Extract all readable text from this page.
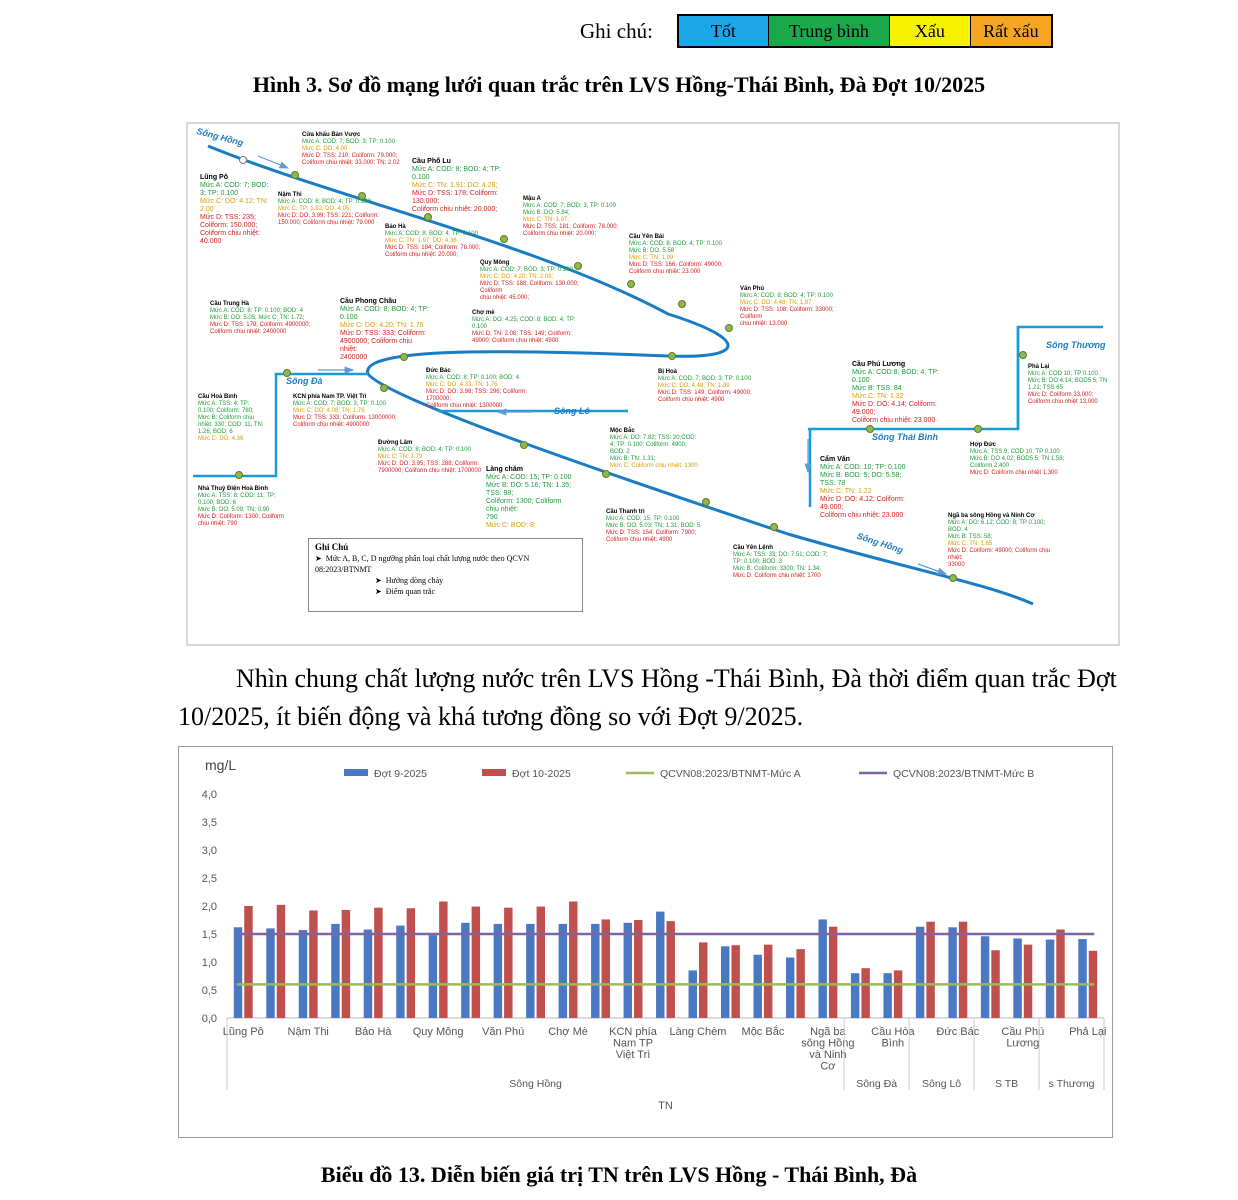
Ghi chú:	Tốt	Trung bình	Xấu	Rất xấu
Hình 3. Sơ đồ mạng lưới quan trắc trên LVS Hồng-Thái Bình, Đà Đợt 10/2025
Sông Hồng
Sông Đà
Sông Lô
Sông Thương
Sông Thái Bình
Sông Hồng
Lũng Pô
Mức A: COD: 7; BOD:
3; TP: 0.100
Mức C: DO: 4.12; TN:
2.00
Mức D: TSS: 235;
Coliform: 150.000;
Coliform chịu nhiệt:
40.000
Cửa khẩu Bản Vược
Mức A: COD: 7; BOD: 3; TP: 0.100
Mức C: DO: 4.00
Mức D: TSS: 210; Coliform: 79.000;
Coliform chịu nhiệt: 33.000; TN: 2.02
Nậm Thi
Mức A: COD: 6; BOD: 4; TP: 0.100
Mức C: TP: 1.92; DO: 4.05;
Mức D: DO: 3.99; TSS: 221; Coliform:
150.000; Coliform chịu nhiệt: 79.000
Cầu Phố Lu
Mức A: COD: 8; BOD: 4; TP: 0.100
Mức C: TN: 1.91; DO: 4.28;
Mức D: TSS: 178; Coliform: 130.000;
Coliform chịu nhiệt: 20.000;
Bảo Hà
Mức A: COD: 8; BOD: 4; TP: 0.100
Mức C: TN: 1.97; DO: 4.36
Mức D: TSS: 184; Coliform: 78.000;
Coliform chịu nhiệt: 20.000;
Mậu A
Mức A: COD: 7; BOD: 3; TP: 0.100
Mức B: DO: 5.84;
Mức C: TN: 1.97;
Mức D: TSS: 181; Coliform: 78.000;
Coliform chịu nhiệt: 20.000;
Quy Mông
Mức A: COD: 7; BOD: 3; TP: 0.100
Mức C: DO: 4.20; TN: 2.08;
Mức D: TSS: 188; Coliform: 130.000; Coliform
chịu nhiệt: 45.000;
Cầu Yên Bái
Mức A: COD: 8; BOD: 4; TP: 0.100
Mức B: DO: 5.58
Mức C: TN: 1.99
Mức D: TSS: 166; Coliform: 49000;
Coliform chịu nhiệt: 23.000
Văn Phú
Mức A: COD: 8; BOD: 4; TP: 0.100
Mức C: DO: 4.48; TN: 1.97
Mức D: TSS: 108; Coliform: 33000; Coliform
chịu nhiệt: 13.000
Cầu Trung Hà
Mức A: COD: 8; TP: 0.100; BOD: 4
Mức B: DO: 5.05; Mức C: TN: 1.72;
Mức D: TSS: 179; Coliform: 4900000;
Coliform chịu nhiệt: 2400000
Cầu Phong Châu
Mức A: COD: 8; BOD: 4; TP:
0.100
Mức C: DO: 4.20; TN: 1.76
Mức D: TSS: 333; Coliform:
4900000; Coliform chịu nhiệt:
2400000
Chợ mè
Mức A: DO: 4.25; COD: 8; BOD: 4; TP:
0.100
Mức D: TN: 2.08; TSS: 149; Coliform:
49000; Coliform chịu nhiệt: 4900
Cầu Hoà Bình
Mức A: TSS: 4; TP:
0.100; Coliform: 780;
Mức B: Coliform chịu
nhiệt: 330; COD: 11; TN:
1.26; BOD: 6
Mức C: DO: 4.36
KCN phía Nam TP. Việt Trì
Mức A: COD: 7; BOD: 3; TP: 0.100
Mức C: DO: 4.08; TN: 1.76
Mức D: TSS: 333; Coliform: 13000000;
Coliform chịu nhiệt: 4900000
Đức Bác
Mức A: COD: 8; TP: 0.100; BOD: 4
Mức C: DO: 4.33; TN: 1.75
Mức D: DO: 3.98; TSS: 296; Coliform: 1700000;
Coliform chịu nhiệt: 1300000
Bị Hoà
Mức A: COD: 7; BOD: 3; TP: 0.100
Mức C: DO: 4.48; TN: 1.99
Mức D: TSS: 149; Coliform: 49000;
Coliform chịu nhiệt: 4900
Đường Lâm
Mức A: COD: 8; BOD: 4; TP: 0.100
Mức C: TN: 1.79
Mức D: DO: 3.95; TSS: 288; Coliform:
7900000; Coliform chịu nhiệt: 1700000
Nhà Thuỷ Điện Hoà Bình
Mức A: TSS: 8; COD: 11; TP:
0.100; BOD: 6
Mức B: DO: 5.09; TN: 0.90
Mức D: Coliform: 1300; Coliform
chịu nhiệt: 790
Làng chăm
Mức A: COD: 15; TP: 0.100
Mức B: DO: 5.16; TN: 1.35; TSS: 98;
Coliform: 1300; Coliform chịu nhiệt:
790
Mức C: BOD: 8;
Mộc Bắc
Mức A: DO: 7.82; TSS: 20;COD:
4; TP: 0.100; Coliform: 4900;
BOD: 2
Mức B: TN: 1.31;
Mức C: Coliform chịu nhiệt: 1300
Cầu Thanh trì
Mức A: COD: 15; TP: 0.100
Mức B: DO: 5.03; TN: 1.31; BOD: 5
Mức D: TSS: 154; Coliform: 7900;
Coliform chịu nhiệt: 4900
Cầu Yên Lệnh
Mức A: TSS: 33; DO: 7.51; COD: 7;
TP: 0.100; BOD: 3
Mức B: Coliform: 3300; TN: 1.34;
Mức D: Coliform chịu nhiệt: 1700
Cầu Phú Lương
Mức A: COD:8; BOD: 4; TP: 0.100
Mức B: TSS: 84
Mức C: TN: 1.32
Mức D: DO: 4.14; Coliform: 49.000;
Coliform chịu nhiệt: 23.000
Phả Lại
Mức A: COD 10; TP 0.100
Mức B: DO 4.14; BOD5 5; TN
1.21; TSS 65
Mức D: Coliform 33,000;
Coliform chịu nhiệt 13,000
Hợp Đức
Mức A: TSS 9; COD 10; TP 0.100
Mức B: DO 4.02; BOD5 5; TN 1.58;
Coliform 2,400
Mức D: Coliform chịu nhiệt 1,300
Cẩm Văn
Mức A: COD: 10; TP: 0.100
Mức B: BOD: 5; DO: 5.58; TSS: 78
Mức C: TN: 1.22
Mức D: DO: 4.12; Coliform: 49.000;
Coliform chịu nhiệt: 23.000	Ngã ba sông Hồng và Ninh Cơ
Mức A: DO: 6.12; COD: 8; TP 0.100; BOD: 4
Mức B: TSS: 58;
Mức C: TN: 1.65
Mức D: Coliform: 49000; Coliform chịu nhiệt:
33000
Ghi Chú
➤  Mức A, B, C, D ngưỡng phân loại chất lượng nước theo QCVN 08:2023/BTNMT
➤  Hướng dòng chảy
➤  Điểm quan trắc
Nhìn chung chất lượng nước trên LVS Hồng -Thái Bình, Đà thời điểm quan trắc Đợt 10/2025, ít biến động và khá tương đồng so với Đợt 9/2025.
mg/L
0,0
0,5
1,0
1,5
2,0
2,5
3,0
3,5
4,0
Đợt 9-2025	Đợt 10-2025	QCVN08:2023/BTNMT-Mức A	QCVN08:2023/BTNMT-Mức B
Lũng Pô Nậm Thi Bảo Hà Quy Mông Văn Phú Chợ Mè KCN phía Nam TP Việt Trì
Làng Chèm Mộc Bắc	Ngã ba sông Hồng và Ninh Cơ
Cầu Hòa Bình
Đức Bác Cầu Phú Lương
Phả Lại
Sông Hồng	Sông Đà Sông Lô	S TB	s Thương
TN
Biểu đồ 13. Diễn biến giá trị TN trên LVS Hồng - Thái Bình, Đà
